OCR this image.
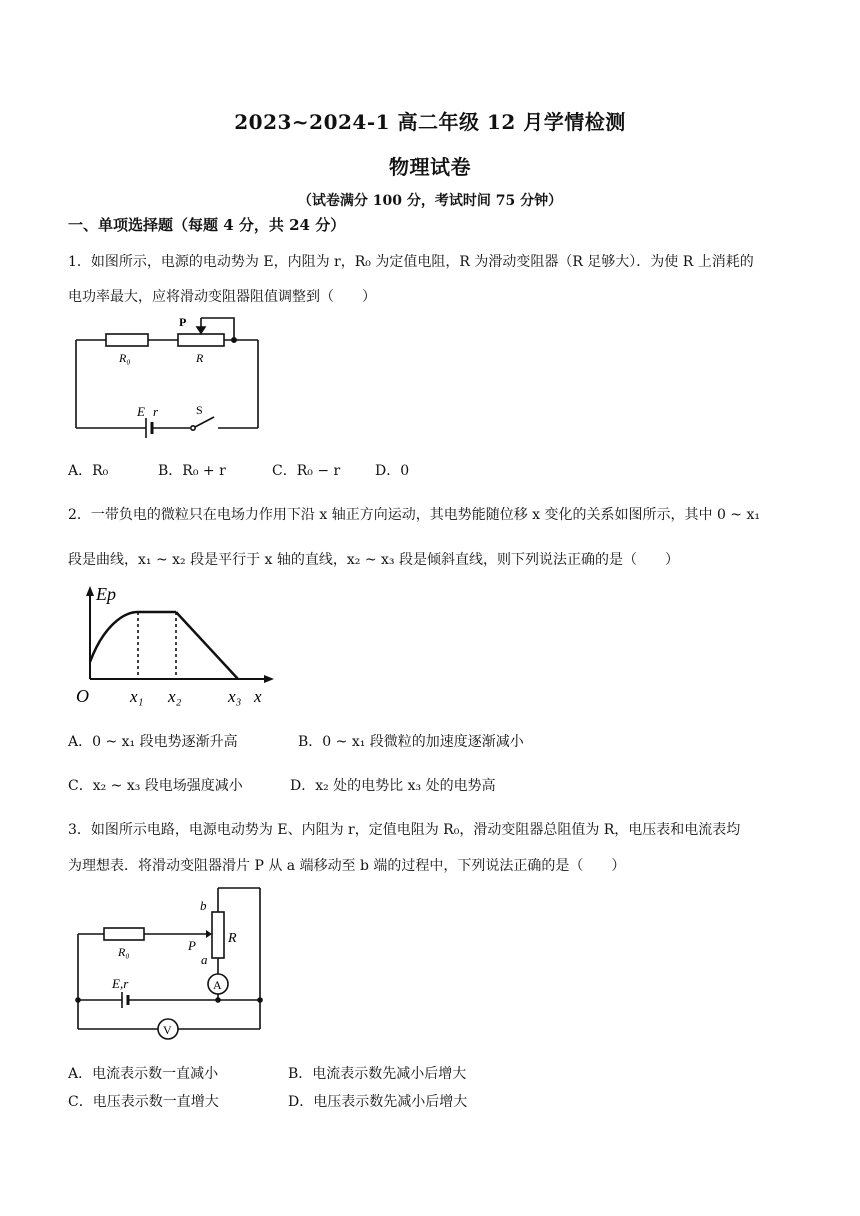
2023~2024-1 高二年级 12 月学情检测
物理试卷
（试卷满分 100 分，考试时间 75 分钟）
一、单项选择题（每题 4 分，共 24 分）
1．如图所示，电源的电动势为 E，内阻为 r，R₀ 为定值电阻，R 为滑动变阻器（R 足够大）．为使 R 上消耗的
电功率最大，应将滑动变阻器阻值调整到（　　）
R₀	R
P
E r	S
A．R₀	B．R₀ + r	C．R₀ − r D．0
2．一带负电的微粒只在电场力作用下沿 x 轴正方向运动，其电势能随位移 x 变化的关系如图所示，其中 0 ~ x₁
段是曲线，x₁ ~ x₂ 段是平行于 x 轴的直线，x₂ ~ x₃ 段是倾斜直线，则下列说法正确的是（　　）
Ep
O x₁ x₂	x₃ x
A．0 ~ x₁ 段电势逐渐升高	B．0 ~ x₁ 段微粒的加速度逐渐减小
C．x₂ ~ x₃ 段电场强度减小	D．x₂ 处的电势比 x₃ 处的电势高
3．如图所示电路，电源电动势为 E、内阻为 r，定值电阻为 R₀，滑动变阻器总阻值为 R，电压表和电流表均
为理想表．将滑动变阻器滑片 P 从 a 端移动至 b 端的过程中，下列说法正确的是（　　）
b
a
P R
R₀
A
V
E,r
A．电流表示数一直减小	B．电流表示数先减小后增大
C．电压表示数一直增大	D．电压表示数先减小后增大
